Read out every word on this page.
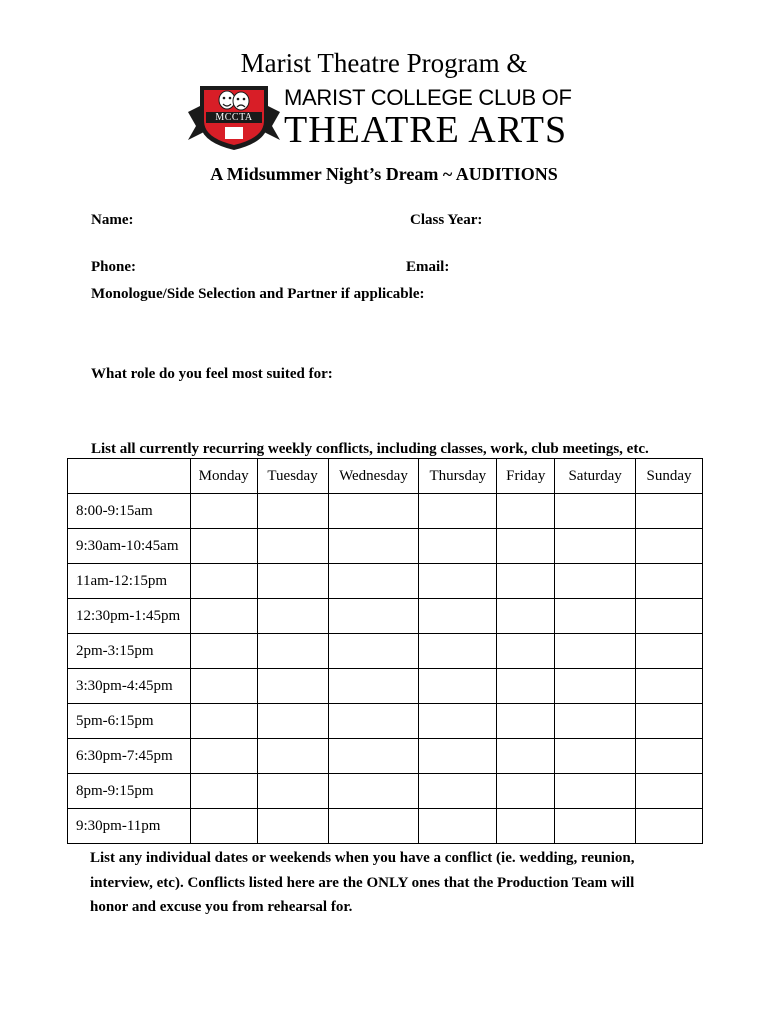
Marist Theatre Program &
MCCTA
MARIST COLLEGE CLUB OF
THEATRE ARTS
A Midsummer Night’s Dream ~ AUDITIONS
Name:	Class Year:
Phone:	Email:
Monologue/Side Selection and Partner if applicable:
What role do you feel most suited for:
List all currently recurring weekly conflicts, including classes, work, club meetings, etc.
	Monday	Tuesday	Wednesday	Thursday	Friday	Saturday	Sunday
8:00-9:15am							
9:30am-10:45am							
11am-12:15pm							
12:30pm-1:45pm							
2pm-3:15pm							
3:30pm-4:45pm							
5pm-6:15pm							
6:30pm-7:45pm							
8pm-9:15pm							
9:30pm-11pm							
List any individual dates or weekends when you have a conflict (ie. wedding, reunion,
interview, etc). Conflicts listed here are the ONLY ones that the Production Team will
honor and excuse you from rehearsal for.
